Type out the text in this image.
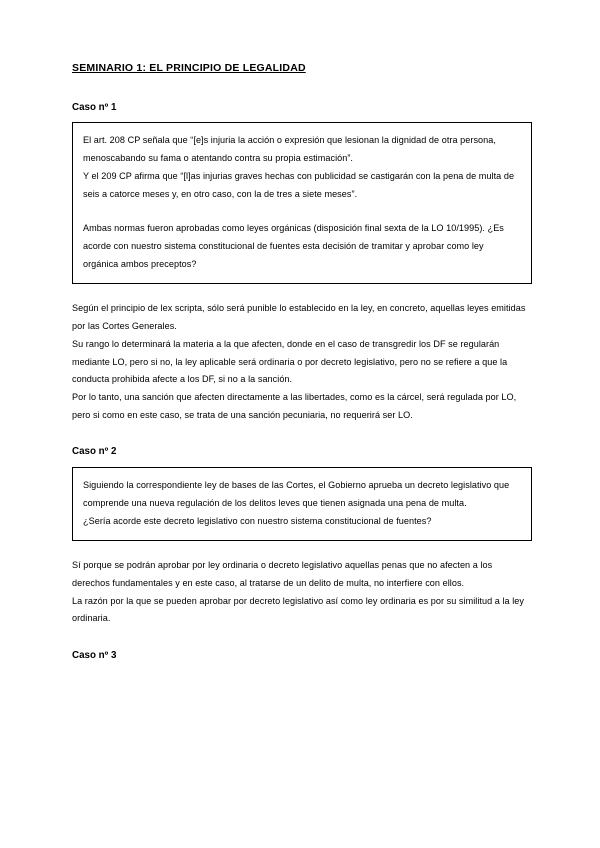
SEMINARIO 1: EL PRINCIPIO DE LEGALIDAD
Caso nº 1

El art. 208 CP señala que “[e]s injuria la acción o expresión que lesionan la dignidad de otra persona, menoscabando su fama o atentando contra su propia estimación”.

Y el 209 CP afirma que “[l]as injurias graves hechas con publicidad se castigarán con la pena de multa de seis a catorce meses y, en otro caso, con la de tres a siete meses”.

Ambas normas fueron aprobadas como leyes orgánicas (disposición final sexta de la LO 10/1995). ¿Es acorde con nuestro sistema constitucional de fuentes esta decisión de tramitar y aprobar como ley orgánica ambos preceptos?

Según el principio de lex scripta, sólo será punible lo establecido en la ley, en concreto, aquellas leyes emitidas por las Cortes Generales.

Su rango lo determinará la materia a la que afecten, donde en el caso de transgredir los DF se regularán mediante LO, pero si no, la ley aplicable será ordinaria o por decreto legislativo, pero no se refiere a que la conducta prohibida afecte a los DF, si no a la sanción.

Por lo tanto, una sanción que afecten directamente a las libertades, como es la cárcel, será regulada por LO, pero si como en este caso, se trata de una sanción pecuniaria, no requerirá ser LO.

Caso nº 2

Siguiendo la correspondiente ley de bases de las Cortes, el Gobierno aprueba un decreto legislativo que comprende una nueva regulación de los delitos leves que tienen asignada una pena de multa.

¿Sería acorde este decreto legislativo con nuestro sistema constitucional de fuentes?

Sí porque se podrán aprobar por ley ordinaria o decreto legislativo aquellas penas que no afecten a los derechos fundamentales y en este caso, al tratarse de un delito de multa, no interfiere con ellos.

La razón por la que se pueden aprobar por decreto legislativo así como ley ordinaria es por su similitud a la ley ordinaria.

Caso nº 3
